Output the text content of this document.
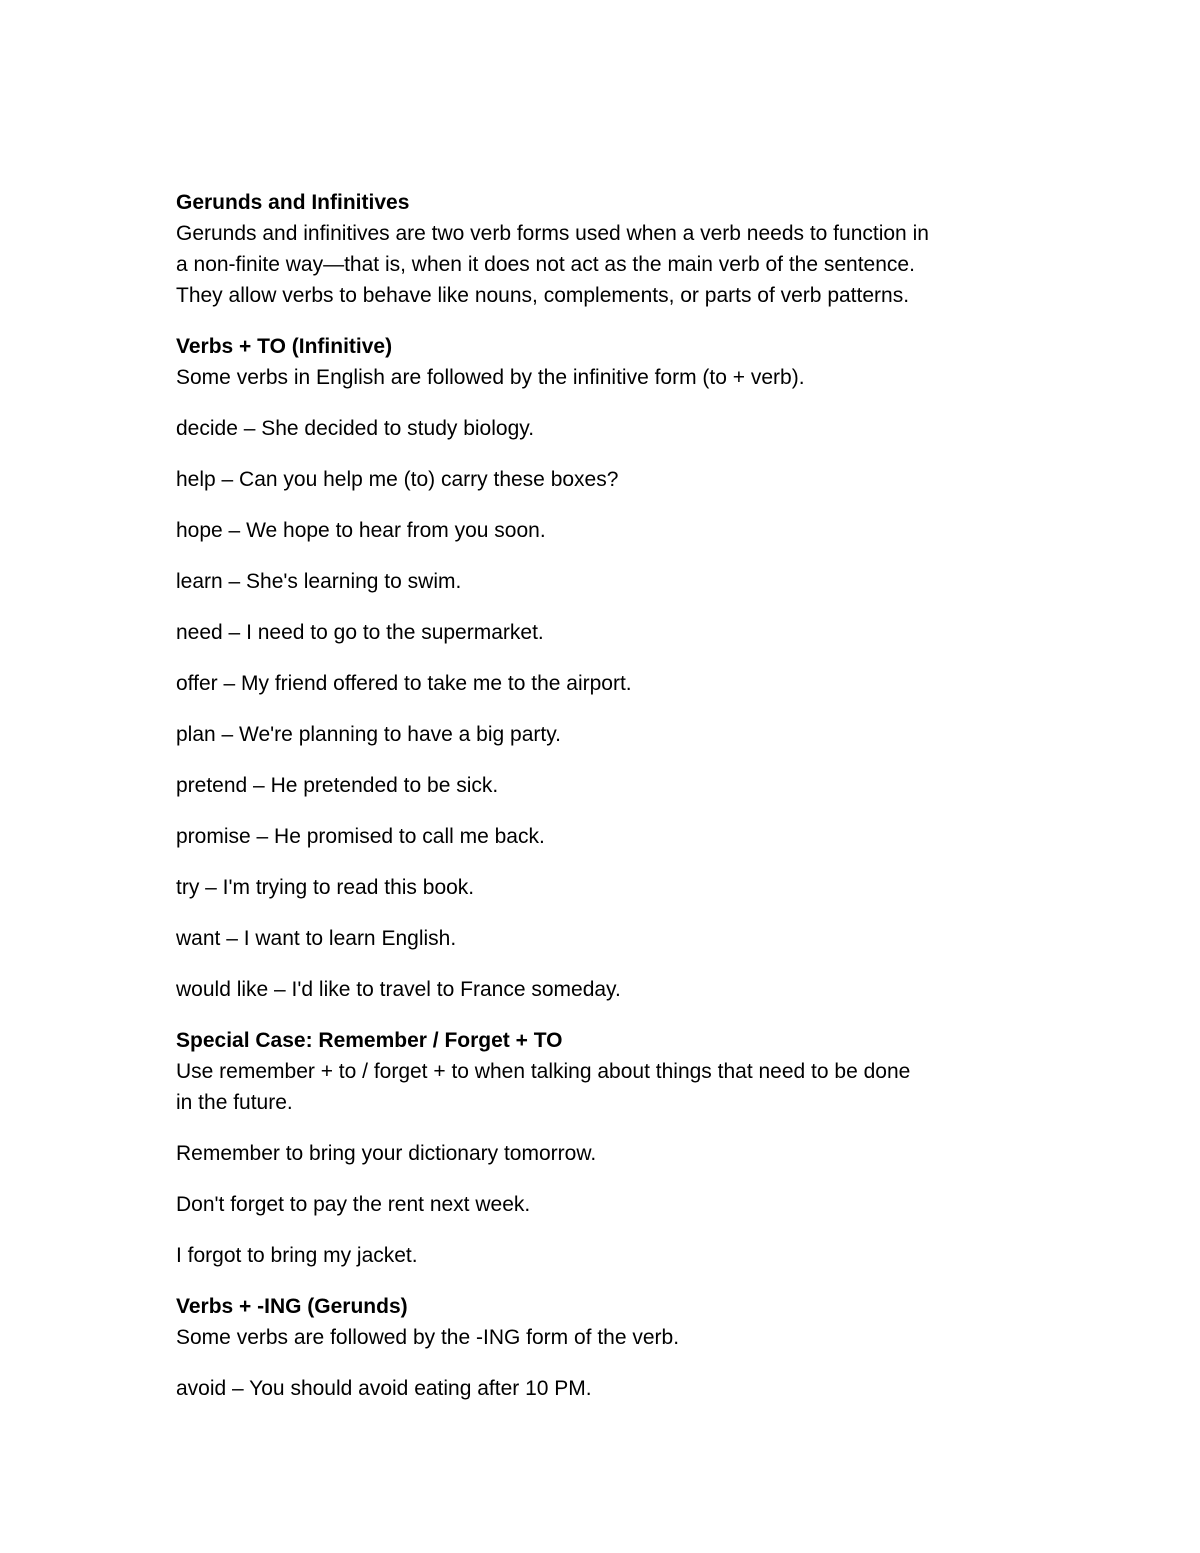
Gerunds and Infinitives

Gerunds and infinitives are two verb forms used when a verb needs to function in

a non-finite way—that is, when it does not act as the main verb of the sentence.

They allow verbs to behave like nouns, complements, or parts of verb patterns.

Verbs + TO (Infinitive)

Some verbs in English are followed by the infinitive form (to + verb).

decide – She decided to study biology.

help – Can you help me (to) carry these boxes?

hope – We hope to hear from you soon.

learn – She's learning to swim.

need – I need to go to the supermarket.

offer – My friend offered to take me to the airport.

plan – We're planning to have a big party.

pretend – He pretended to be sick.

promise – He promised to call me back.

try – I'm trying to read this book.

want – I want to learn English.

would like – I'd like to travel to France someday.

Special Case: Remember / Forget + TO

Use remember + to / forget + to when talking about things that need to be done

in the future.

Remember to bring your dictionary tomorrow.

Don't forget to pay the rent next week.

I forgot to bring my jacket.

Verbs + -ING (Gerunds)

Some verbs are followed by the -ING form of the verb.

avoid – You should avoid eating after 10 PM.
